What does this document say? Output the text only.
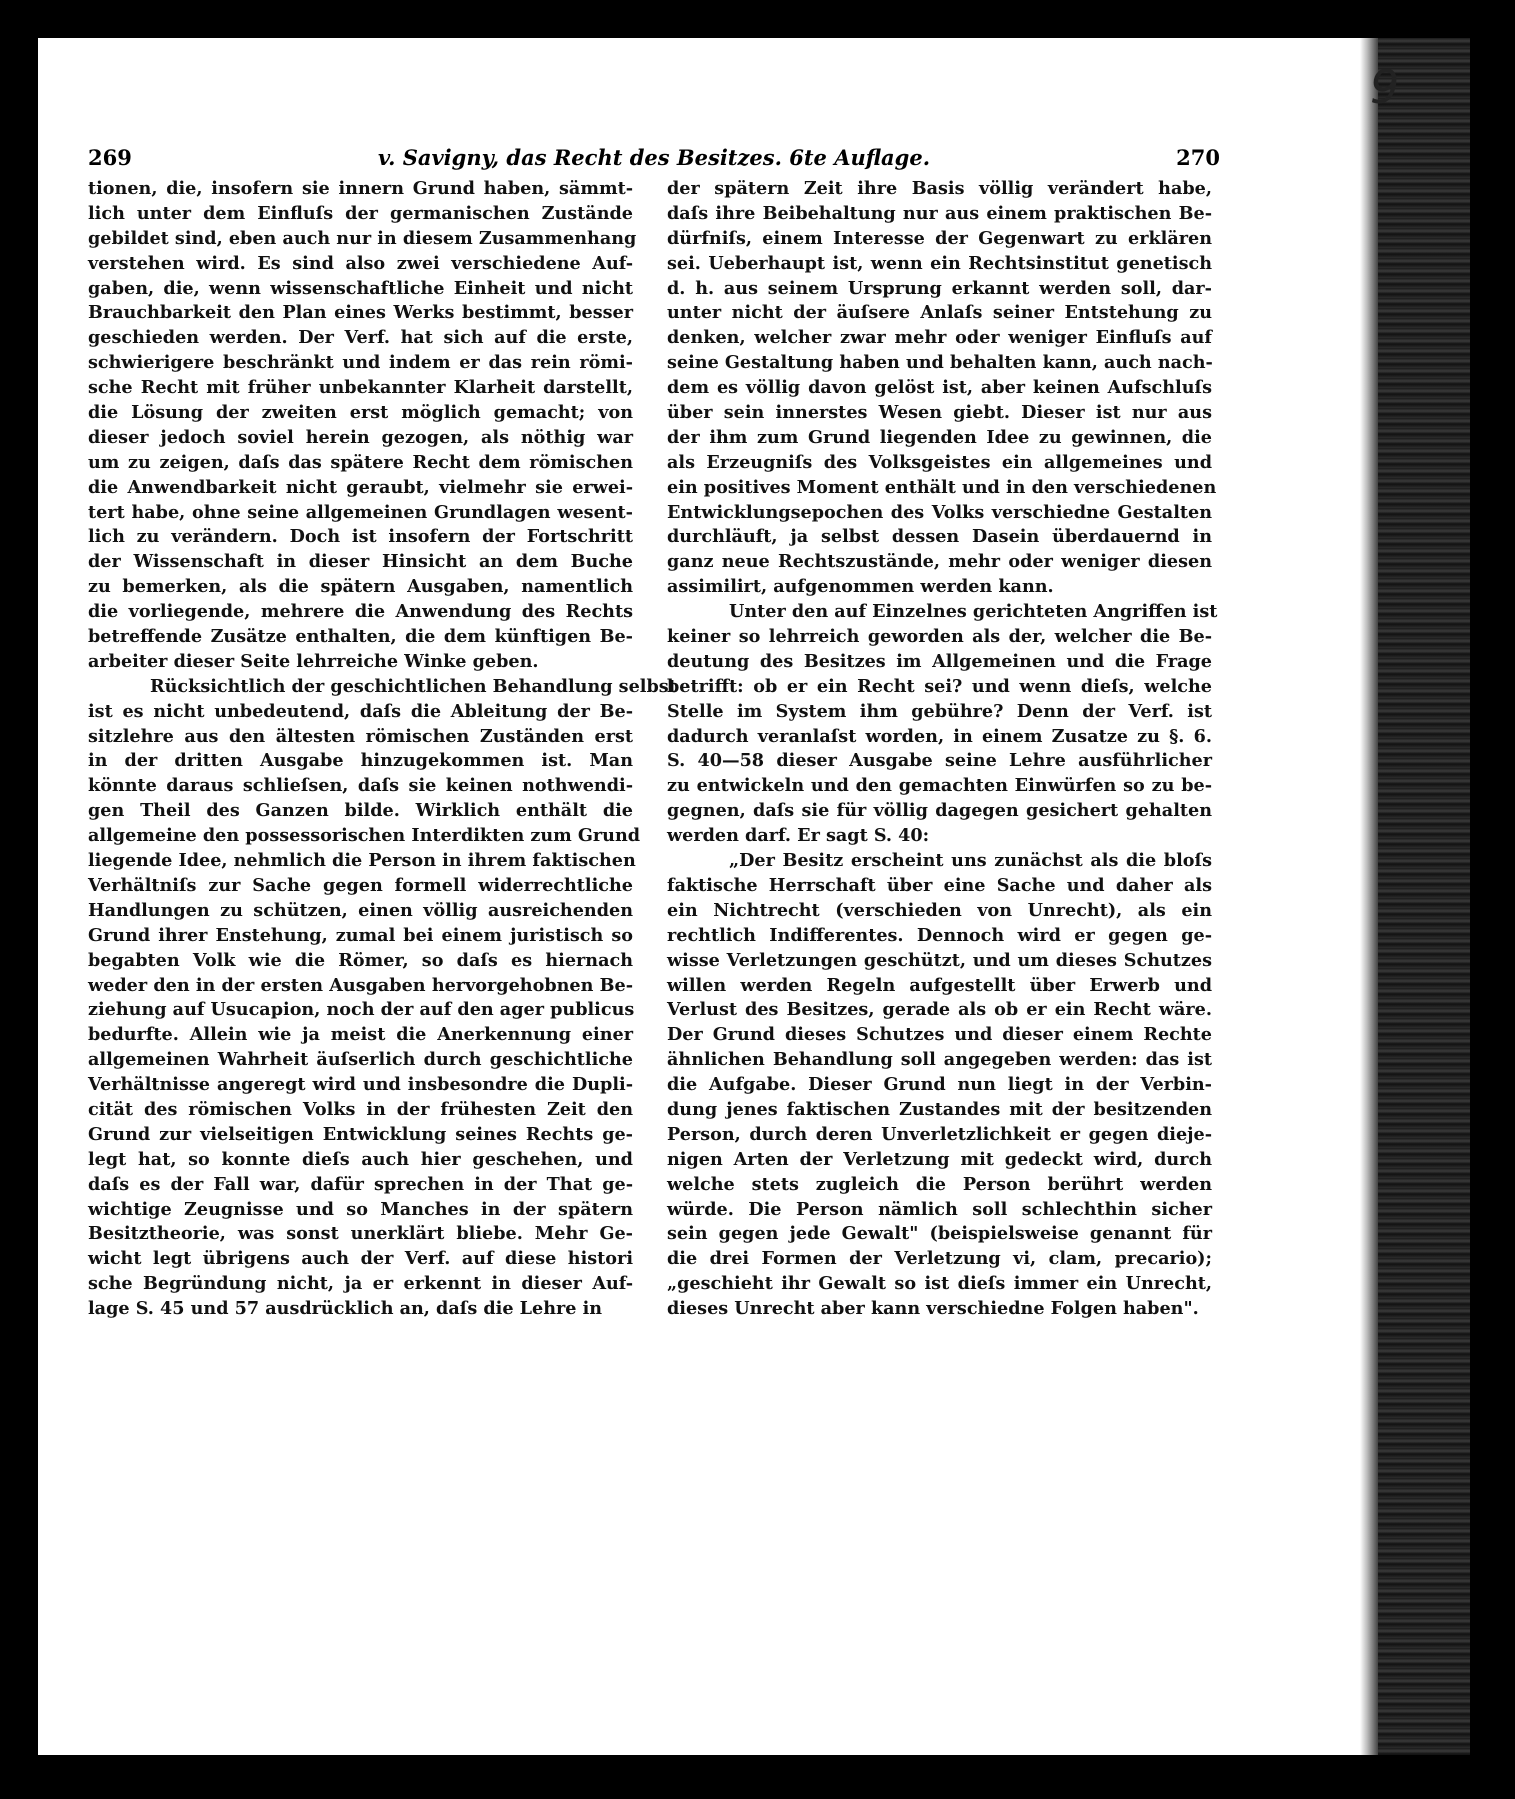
9
269	v. Savigny, das Recht des Besitzes. 6te Auflage.	270
tionen, die, insofern sie innern Grund haben, sämmt-
lich unter dem Einfluſs der germanischen Zustände
gebildet sind, eben auch nur in diesem Zusammenhang
verstehen wird. Es sind also zwei verschiedene Auf-
gaben, die, wenn wissenschaftliche Einheit und nicht
Brauchbarkeit den Plan eines Werks bestimmt, besser
geschieden werden. Der Verf. hat sich auf die erste,
schwierigere beschränkt und indem er das rein römi-
sche Recht mit früher unbekannter Klarheit darstellt,
die Lösung der zweiten erst möglich gemacht; von
dieser jedoch soviel herein gezogen, als nöthig war
um zu zeigen, daſs das spätere Recht dem römischen
die Anwendbarkeit nicht geraubt, vielmehr sie erwei-
tert habe, ohne seine allgemeinen Grundlagen wesent-
lich zu verändern. Doch ist insofern der Fortschritt
der Wissenschaft in dieser Hinsicht an dem Buche
zu bemerken, als die spätern Ausgaben, namentlich
die vorliegende, mehrere die Anwendung des Rechts
betreffende Zusätze enthalten, die dem künftigen Be-
arbeiter dieser Seite lehrreiche Winke geben.
Rücksichtlich der geschichtlichen Behandlung selbst
ist es nicht unbedeutend, daſs die Ableitung der Be-
sitzlehre aus den ältesten römischen Zuständen erst
in der dritten Ausgabe hinzugekommen ist. Man
könnte daraus schlieſsen, daſs sie keinen nothwendi-
gen Theil des Ganzen bilde. Wirklich enthält die
allgemeine den possessorischen Interdikten zum Grund
liegende Idee, nehmlich die Person in ihrem faktischen
Verhältniſs zur Sache gegen formell widerrechtliche
Handlungen zu schützen, einen völlig ausreichenden
Grund ihrer Enstehung, zumal bei einem juristisch so
begabten Volk wie die Römer, so daſs es hiernach
weder den in der ersten Ausgaben hervorgehobnen Be-
ziehung auf Usucapion, noch der auf den ager publicus
bedurfte. Allein wie ja meist die Anerkennung einer
allgemeinen Wahrheit äuſserlich durch geschichtliche
Verhältnisse angeregt wird und insbesondre die Dupli-
cität des römischen Volks in der frühesten Zeit den
Grund zur vielseitigen Entwicklung seines Rechts ge-
legt hat, so konnte dieſs auch hier geschehen, und
daſs es der Fall war, dafür sprechen in der That ge-
wichtige Zeugnisse und so Manches in der spätern
Besitztheorie, was sonst unerklärt bliebe. Mehr Ge-
wicht legt übrigens auch der Verf. auf diese histori
sche Begründung nicht, ja er erkennt in dieser Auf-
lage S. 45 und 57 ausdrücklich an, daſs die Lehre in
der spätern Zeit ihre Basis völlig verändert habe,
daſs ihre Beibehaltung nur aus einem praktischen Be-
dürfniſs, einem Interesse der Gegenwart zu erklären
sei. Ueberhaupt ist, wenn ein Rechtsinstitut genetisch
d. h. aus seinem Ursprung erkannt werden soll, dar-
unter nicht der äuſsere Anlaſs seiner Entstehung zu
denken, welcher zwar mehr oder weniger Einfluſs auf
seine Gestaltung haben und behalten kann, auch nach-
dem es völlig davon gelöst ist, aber keinen Aufschluſs
über sein innerstes Wesen giebt. Dieser ist nur aus
der ihm zum Grund liegenden Idee zu gewinnen, die
als Erzeugniſs des Volksgeistes ein allgemeines und
ein positives Moment enthält und in den verschiedenen
Entwicklungsepochen des Volks verschiedne Gestalten
durchläuft, ja selbst dessen Dasein überdauernd in
ganz neue Rechtszustände, mehr oder weniger diesen
assimilirt, aufgenommen werden kann.
Unter den auf Einzelnes gerichteten Angriffen ist
keiner so lehrreich geworden als der, welcher die Be-
deutung des Besitzes im Allgemeinen und die Frage
betrifft: ob er ein Recht sei? und wenn dieſs, welche
Stelle im System ihm gebühre? Denn der Verf. ist
dadurch veranlaſst worden, in einem Zusatze zu §. 6.
S. 40—58 dieser Ausgabe seine Lehre ausführlicher
zu entwickeln und den gemachten Einwürfen so zu be-
gegnen, daſs sie für völlig dagegen gesichert gehalten
werden darf. Er sagt S. 40:
„Der Besitz erscheint uns zunächst als die bloſs
faktische Herrschaft über eine Sache und daher als
ein Nichtrecht (verschieden von Unrecht), als ein
rechtlich Indifferentes. Dennoch wird er gegen ge-
wisse Verletzungen geschützt, und um dieses Schutzes
willen werden Regeln aufgestellt über Erwerb und
Verlust des Besitzes, gerade als ob er ein Recht wäre.
Der Grund dieses Schutzes und dieser einem Rechte
ähnlichen Behandlung soll angegeben werden: das ist
die Aufgabe. Dieser Grund nun liegt in der Verbin-
dung jenes faktischen Zustandes mit der besitzenden
Person, durch deren Unverletzlichkeit er gegen dieje-
nigen Arten der Verletzung mit gedeckt wird, durch
welche stets zugleich die Person berührt werden
würde. Die Person nämlich soll schlechthin sicher
sein gegen jede Gewalt" (beispielsweise genannt für
die drei Formen der Verletzung vi, clam, precario);
„geschieht ihr Gewalt so ist dieſs immer ein Unrecht,
dieses Unrecht aber kann verschiedne Folgen haben".
